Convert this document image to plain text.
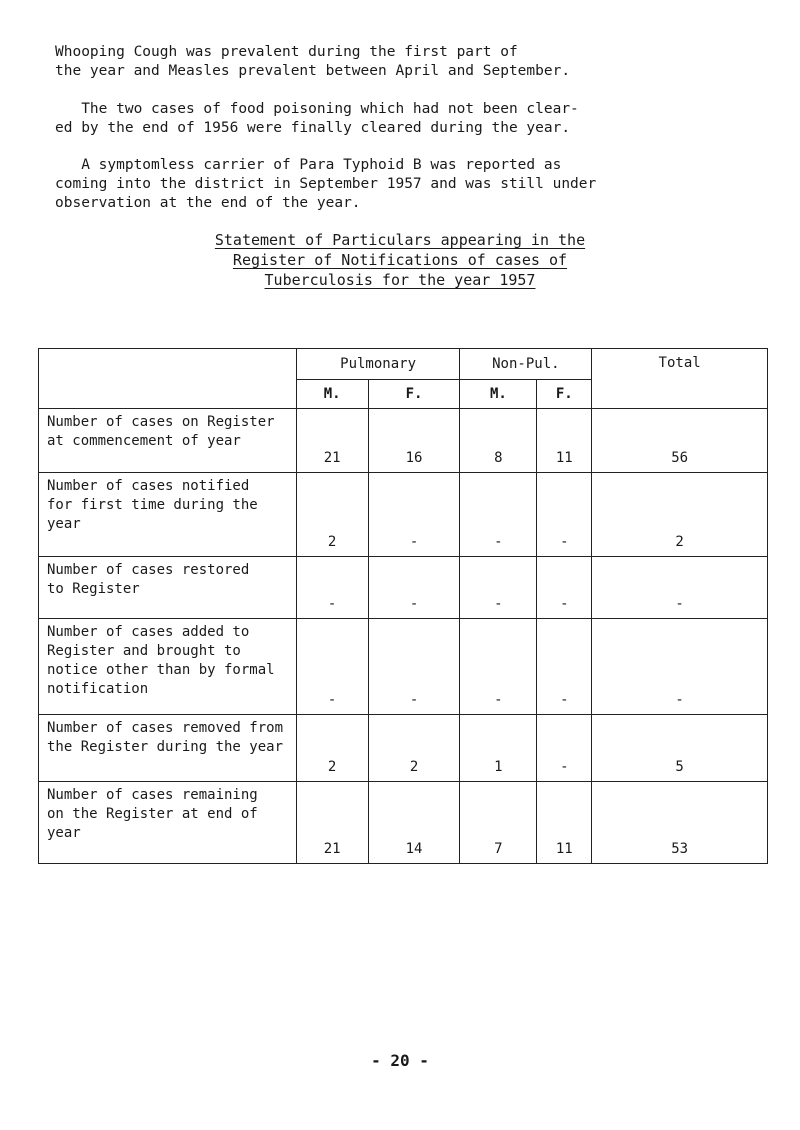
Whooping Cough was prevalent during the first part of
the year and Measles prevalent between April and September.
The two cases of food poisoning which had not been clear-
ed by the end of 1956 were finally cleared during the year.
A symptomless carrier of Para Typhoid B was reported as
coming into the district in September 1957 and was still under
observation at the end of the year.
Statement of Particulars appearing in the
Register of Notifications of cases of
Tuberculosis for the year 1957
	Pulmonary		Non-Pul.		Total
	M.	F.	M.	F.	

Number of cases on Register
at commencement of year	21	16	8	11	56

Number of cases notified
for first time during the
year	2	-	-	-	2

Number of cases restored
to Register	-	-	-	-	-

Number of cases added to
Register and brought to
notice other than by formal
notification	-	-	-	-	-

Number of cases removed from
the Register during the year	2	2	1	-	5

Number of cases remaining
on the Register at end of
year	21	14	7	11	53
- 20 -
